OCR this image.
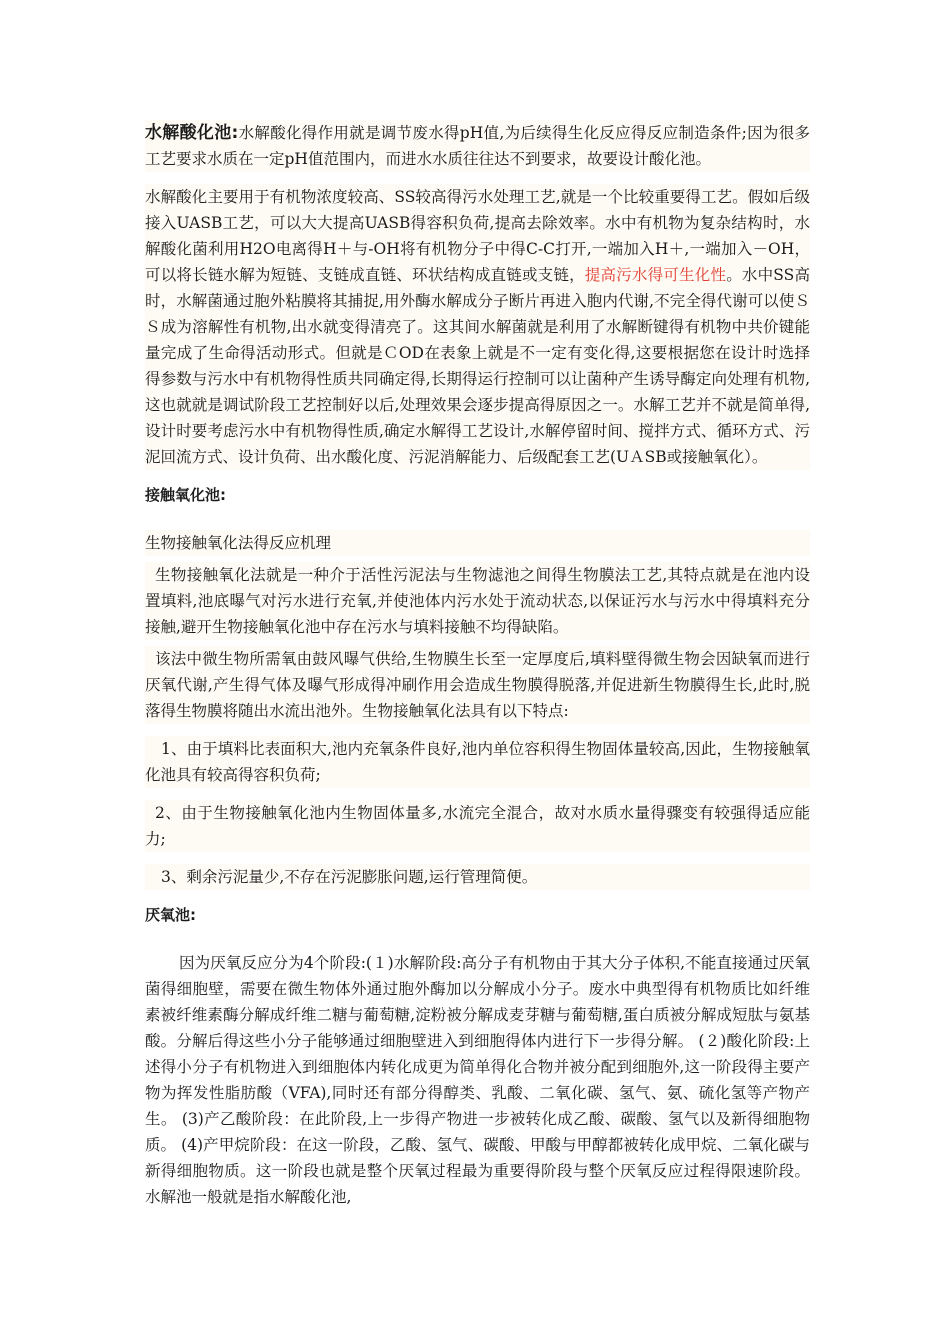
水解酸化池:水解酸化得作用就是调节废水得pH值,为后续得生化反应得反应制造条件;因为很多工艺要求水质在一定pH值范围内，而进水水质往往达不到要求，故要设计酸化池。

水解酸化主要用于有机物浓度较高、SS较高得污水处理工艺,就是一个比较重要得工艺。假如后级接入UASB工艺，可以大大提高UASB得容积负荷,提高去除效率。水中有机物为复杂结构时，水解酸化菌利用H2O电离得H＋与-OH将有机物分子中得C-C打开,一端加入H＋,一端加入－OH，可以将长链水解为短链、支链成直链、环状结构成直链或支链，提高污水得可生化性。水中SS高时，水解菌通过胞外粘膜将其捕捉,用外酶水解成分子断片再进入胞内代谢,不完全得代谢可以使ＳＳ成为溶解性有机物,出水就变得清亮了。这其间水解菌就是利用了水解断键得有机物中共价键能量完成了生命得活动形式。但就是ＣOD在表象上就是不一定有变化得,这要根据您在设计时选择得参数与污水中有机物得性质共同确定得,长期得运行控制可以让菌种产生诱导酶定向处理有机物,这也就就是调试阶段工艺控制好以后,处理效果会逐步提高得原因之一。水解工艺并不就是简单得,设计时要考虑污水中有机物得性质,确定水解得工艺设计,水解停留时间、搅拌方式、循环方式、污泥回流方式、设计负荷、出水酸化度、污泥消解能力、后级配套工艺(UＡSB或接触氧化）。

接触氧化池:

生物接触氧化法得反应机理

生物接触氧化法就是一种介于活性污泥法与生物滤池之间得生物膜法工艺,其特点就是在池内设置填料,池底曝气对污水进行充氧,并使池体内污水处于流动状态,以保证污水与污水中得填料充分接触,避开生物接触氧化池中存在污水与填料接触不均得缺陷。

该法中微生物所需氧由鼓风曝气供给,生物膜生长至一定厚度后,填料壁得微生物会因缺氧而进行厌氧代谢,产生得气体及曝气形成得冲刷作用会造成生物膜得脱落,并促进新生物膜得生长,此时,脱落得生物膜将随出水流出池外。生物接触氧化法具有以下特点:

1、由于填料比表面积大,池内充氧条件良好,池内单位容积得生物固体量较高,因此，生物接触氧化池具有较高得容积负荷;

2、由于生物接触氧化池内生物固体量多,水流完全混合，故对水质水量得骤变有较强得适应能力;

3、剩余污泥量少,不存在污泥膨胀问题,运行管理简便。

厌氧池:

因为厌氧反应分为4个阶段:(１)水解阶段:高分子有机物由于其大分子体积,不能直接通过厌氧菌得细胞壁，需要在微生物体外通过胞外酶加以分解成小分子。废水中典型得有机物质比如纤维素被纤维素酶分解成纤维二糖与葡萄糖,淀粉被分解成麦芽糖与葡萄糖,蛋白质被分解成短肽与氨基酸。分解后得这些小分子能够通过细胞壁进入到细胞得体内进行下一步得分解。 (２)酸化阶段:上述得小分子有机物进入到细胞体内转化成更为简单得化合物并被分配到细胞外,这一阶段得主要产物为挥发性脂肪酸（VFA),同时还有部分得醇类、乳酸、二氧化碳、氢气、氨、硫化氢等产物产生。 (3)产乙酸阶段：在此阶段,上一步得产物进一步被转化成乙酸、碳酸、氢气以及新得细胞物质。 (4)产甲烷阶段：在这一阶段，乙酸、氢气、碳酸、甲酸与甲醇都被转化成甲烷、二氧化碳与新得细胞物质。这一阶段也就是整个厌氧过程最为重要得阶段与整个厌氧反应过程得限速阶段。水解池一般就是指水解酸化池,
